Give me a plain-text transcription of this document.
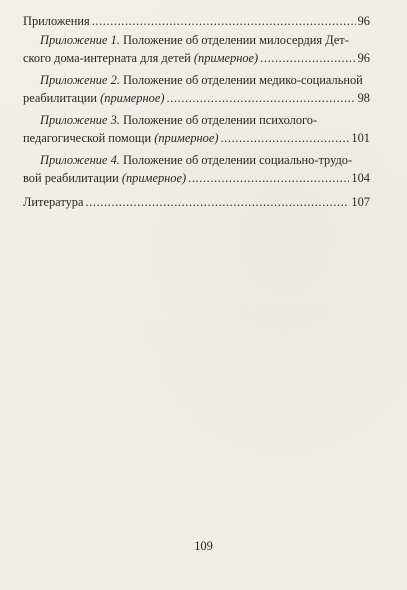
Приложения .....	96
Приложение 1. Положение об отделении милосердия Дет-
ского дома-интерната для детей (примерное) .....	96
Приложение 2. Положение об отделении медико-социальной
реабилитации (примерное) .....	98
Приложение 3. Положение об отделении психолого-
педагогической помощи (примерное) .....	101
Приложение 4. Положение об отделении социально-трудо-
вой реабилитации (примерное) .....	104
Литература .....	107
109
